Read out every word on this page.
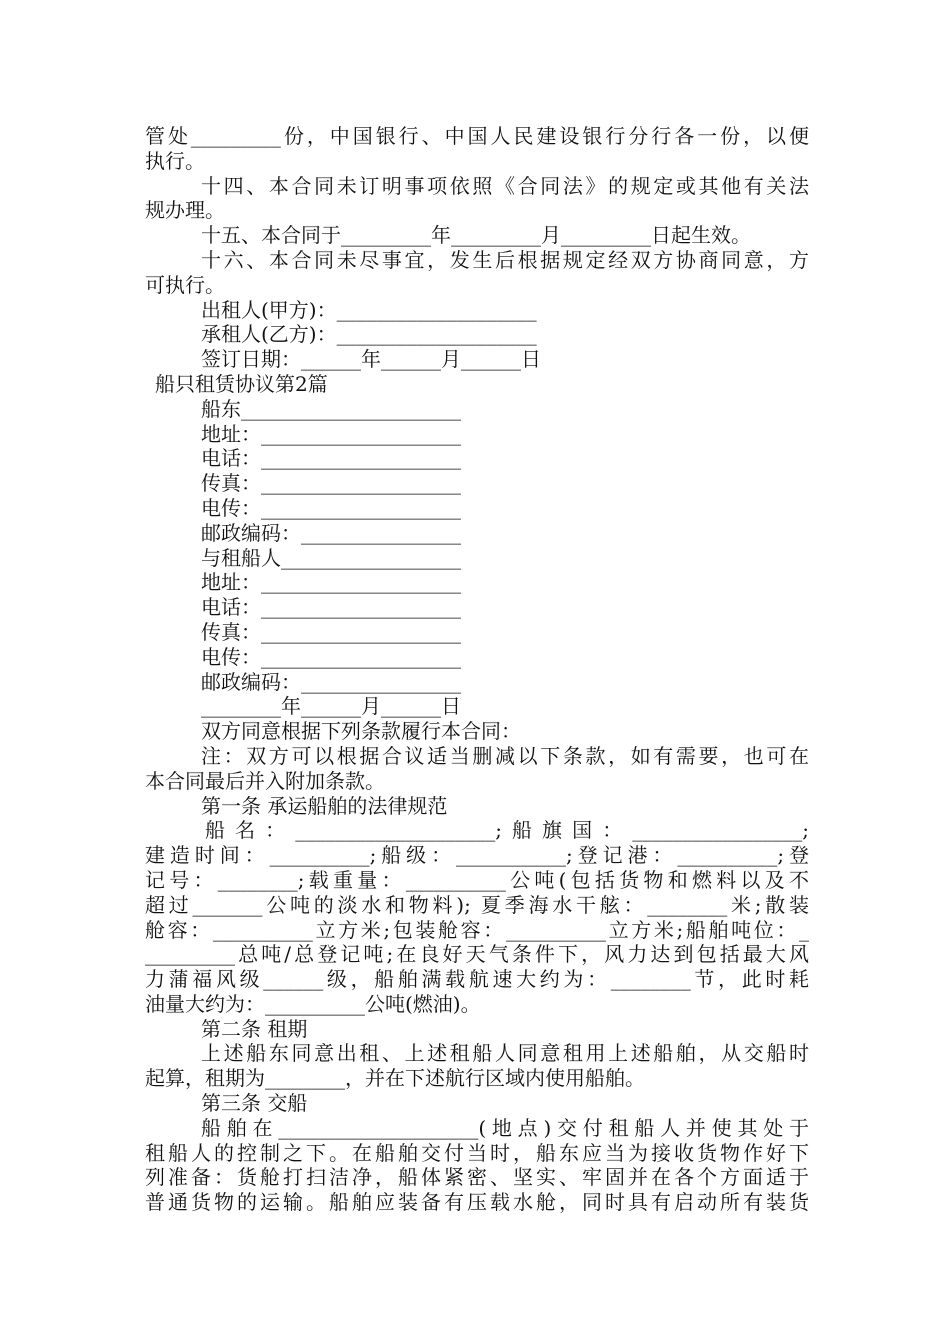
管处_________份，中国银行、中国人民建设银行分行各一份，以便
执行。
十四、本合同未订明事项依照《合同法》的规定或其他有关法
规办理。
十五、本合同于_________年_________月_________日起生效。
十六、本合同未尽事宜，发生后根据规定经双方协商同意，方
可执行。
出租人(甲方)：____________________
承租人(乙方)：____________________
签订日期：______年______月______日
船只租赁协议第2篇
船东______________________
地址：____________________
电话：____________________
传真：____________________
电传：____________________
邮政编码：________________
与租船人__________________
地址：____________________
电话：____________________
传真：____________________
电传：____________________
邮政编码：________________
________年______月______日
双方同意根据下列条款履行本合同：
注：双方可以根据合议适当删减以下条款，如有需要，也可在
本合同最后并入附加条款。
第一条 承运船舶的法律规范
船名：____________________;船旗国：_________________;
建造时间：__________;船级：___________;登记港：__________;登
记号：________;载重量：__________公吨(包括货物和燃料以及不
超过_______公吨的淡水和物料); 夏季海水干舷：________米;散装
舱容：__________立方米;包装舱容：__________立方米;船舶吨位：_
_________总吨/总登记吨;在良好天气条件下，风力达到包括最大风
力蒲福风级______级，船舶满载航速大约为：________节，此时耗
油量大约为：__________公吨(燃油)。
第二条 租期
上述船东同意出租、上述租船人同意租用上述船舶，从交船时
起算，租期为________，并在下述航行区域内使用船舶。
第三条 交船
船舶在____________________(地点)交付租船人并使其处于
租船人的控制之下。在船舶交付当时，船东应当为接收货物作好下
列准备：货舱打扫洁净，船体紧密、坚实、牢固并在各个方面适于
普通货物的运输。船舶应装备有压载水舱，同时具有启动所有装货
